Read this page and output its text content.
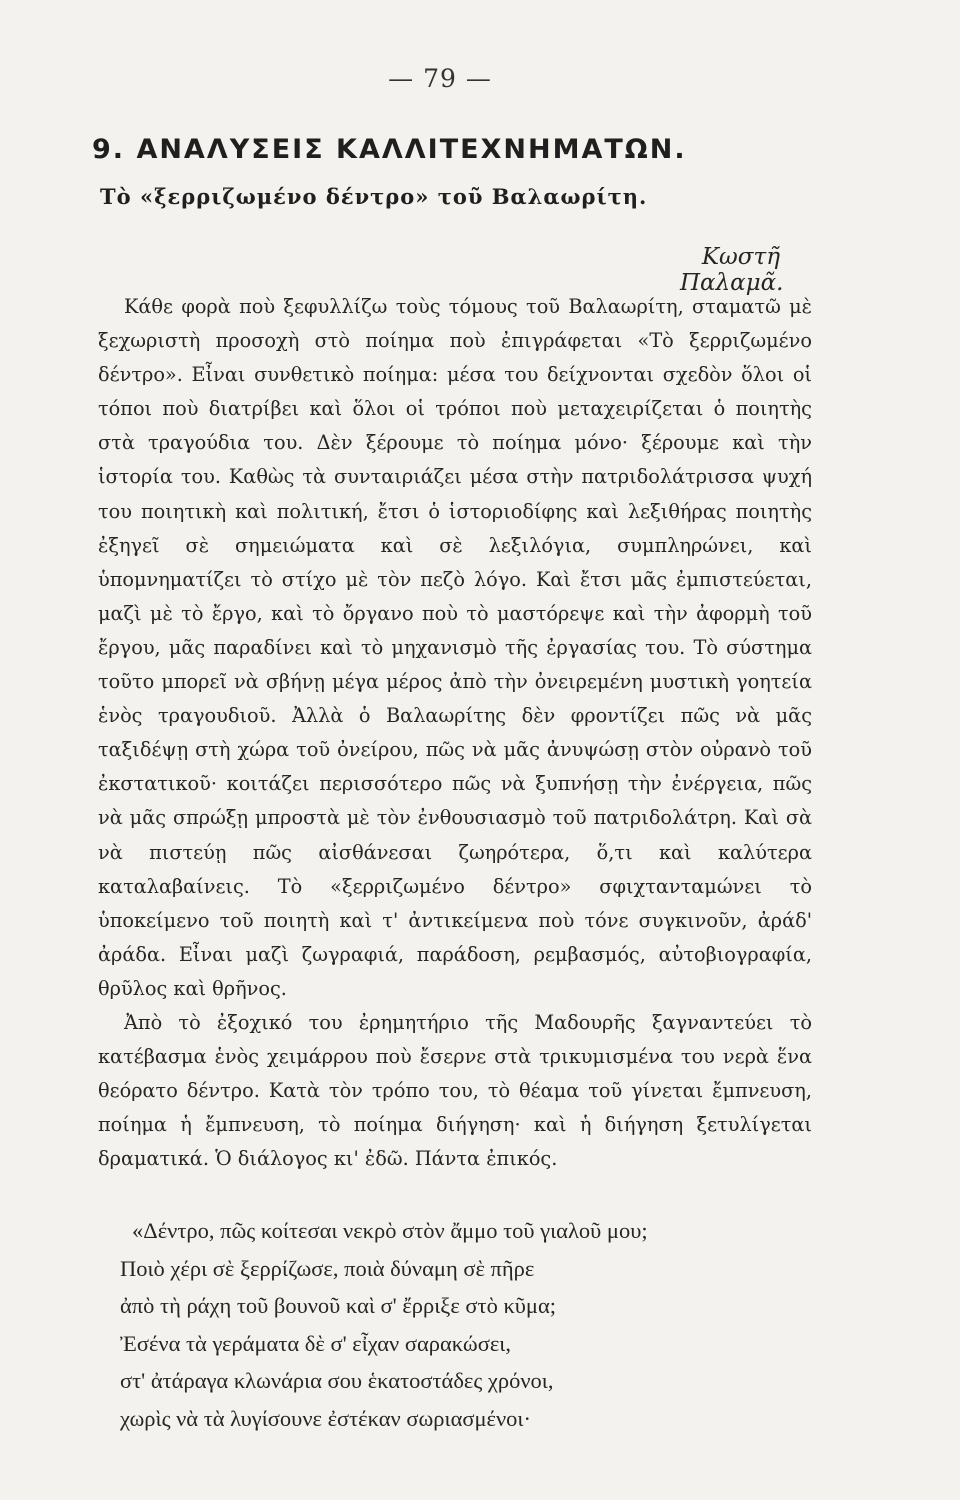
— 79 —
9. ΑΝΑΛΥΣΕΙΣ ΚΑΛΛΙΤΕΧΝΗΜΑΤΩΝ.
Τὸ «ξερριζωμένο δέντρο» τοῦ Βαλαωρίτη.
Κωστῆ Παλαμᾶ.

Κάθε φορὰ ποὺ ξεφυλλίζω τοὺς τόμους τοῦ Βαλαωρίτη, σταματῶ μὲ ξεχωριστὴ προσοχὴ στὸ ποίημα ποὺ ἐπιγράφεται «Τὸ ξερριζωμένο δέντρο». Εἶναι συνθετικὸ ποίημα: μέσα του δείχνονται σχεδὸν ὅλοι οἱ τόποι ποὺ διατρίβει καὶ ὅλοι οἱ τρόποι ποὺ μεταχειρίζεται ὁ ποιητὴς στὰ τραγούδια του. Δὲν ξέρουμε τὸ ποίημα μόνο· ξέρουμε καὶ τὴν ἱστορία του. Καθὼς τὰ συνταιριάζει μέσα στὴν πατριδολάτρισσα ψυχή του ποιητικὴ καὶ πολιτική, ἔτσι ὁ ἱστοριοδίφης καὶ λεξιθήρας ποιητὴς ἐξηγεῖ σὲ σημειώματα καὶ σὲ λεξιλόγια, συμπληρώνει, καὶ ὑπομνηματίζει τὸ στίχο μὲ τὸν πεζὸ λόγο. Καὶ ἔτσι μᾶς ἐμπιστεύεται, μαζὶ μὲ τὸ ἔργο, καὶ τὸ ὄργανο ποὺ τὸ μαστόρεψε καὶ τὴν ἀφορμὴ τοῦ ἔργου, μᾶς παραδίνει καὶ τὸ μηχανισμὸ τῆς ἐργασίας του. Τὸ σύστημα τοῦτο μπορεῖ νὰ σβήνῃ μέγα μέρος ἀπὸ τὴν ὀνειρεμένη μυστικὴ γοητεία ἑνὸς τραγουδιοῦ. Ἀλλὰ ὁ Βαλαωρίτης δὲν φροντίζει πῶς νὰ μᾶς ταξιδέψῃ στὴ χώρα τοῦ ὀνείρου, πῶς νὰ μᾶς ἀνυψώσῃ στὸν οὐρανὸ τοῦ ἐκστατικοῦ· κοιτάζει περισσότερο πῶς νὰ ξυπνήσῃ τὴν ἐνέργεια, πῶς νὰ μᾶς σπρώξῃ μπροστὰ μὲ τὸν ἐνθουσιασμὸ τοῦ πατριδολάτρη. Καὶ σὰ νὰ πιστεύῃ πῶς αἰσθάνεσαι ζωηρότερα, ὅ,τι καὶ καλύτερα καταλαβαίνεις. Τὸ «ξερριζωμένο δέντρο» σφιχτανταμώνει τὸ ὑποκείμενο τοῦ ποιητὴ καὶ τ' ἀντικείμενα ποὺ τόνε συγκινοῦν, ἀράδ' ἀράδα. Εἶναι μαζὶ ζωγραφιά, παράδοση, ρεμβασμός, αὐτοβιογραφία, θρῦλος καὶ θρῆνος.

Ἀπὸ τὸ ἐξοχικό του ἐρημητήριο τῆς Μαδουρῆς ξαγναντεύει τὸ κατέβασμα ἑνὸς χειμάρρου ποὺ ἔσερνε στὰ τρικυμισμένα του νερὰ ἕνα θεόρατο δέντρο. Κατὰ τὸν τρόπο του, τὸ θέαμα τοῦ γίνεται ἔμπνευση, ποίημα ἡ ἔμπνευση, τὸ ποίημα διήγηση· καὶ ἡ διήγηση ξετυλίγεται δραματικά. Ὁ διάλογος κι' ἐδῶ. Πάντα ἐπικός.

«Δέντρο, πῶς κοίτεσαι νεκρὸ στὸν ἄμμο τοῦ γιαλοῦ μου;
Ποιὸ χέρι σὲ ξερρίζωσε, ποιὰ δύναμη σὲ πῆρε
ἀπὸ τὴ ράχη τοῦ βουνοῦ καὶ σ' ἔρριξε στὸ κῦμα;
Ἐσένα τὰ γεράματα δὲ σ' εἶχαν σαρακώσει,
στ' ἀτάραγα κλωνάρια σου ἑκατοστάδες χρόνοι,
χωρὶς νὰ τὰ λυγίσουνε ἐστέκαν σωριασμένοι·
